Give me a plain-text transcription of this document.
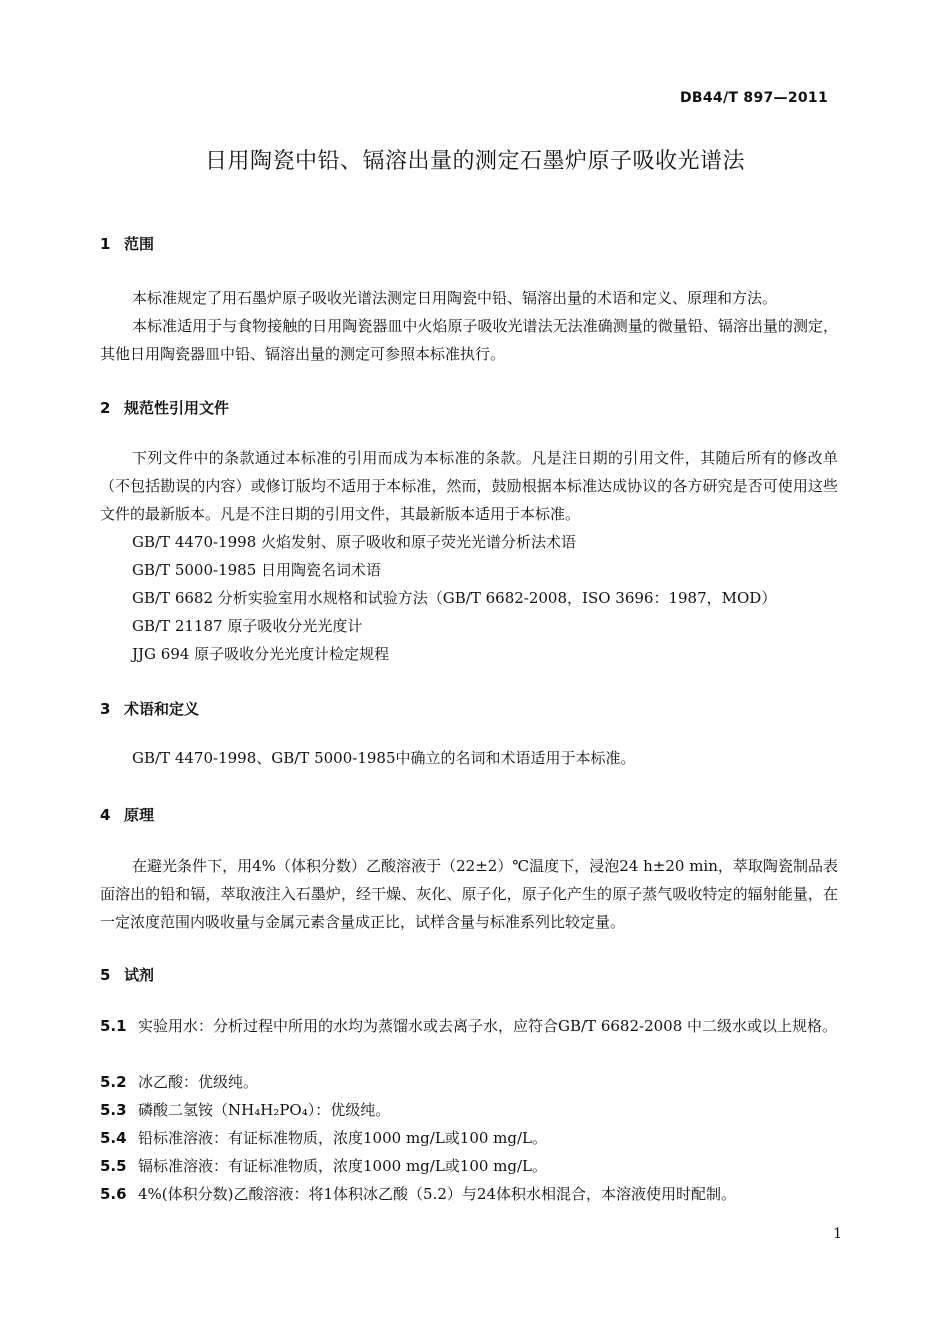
DB44/T 897—2011
日用陶瓷中铅、镉溶出量的测定石墨炉原子吸收光谱法
1 范围
本标准规定了用石墨炉原子吸收光谱法测定日用陶瓷中铅、镉溶出量的术语和定义、原理和方法。
本标准适用于与食物接触的日用陶瓷器皿中火焰原子吸收光谱法无法准确测量的微量铅、镉溶出量的测定，其他日用陶瓷器皿中铅、镉溶出量的测定可参照本标准执行。
2 规范性引用文件
下列文件中的条款通过本标准的引用而成为本标准的条款。凡是注日期的引用文件，其随后所有的修改单（不包括勘误的内容）或修订版均不适用于本标准，然而，鼓励根据本标准达成协议的各方研究是否可使用这些文件的最新版本。凡是不注日期的引用文件，其最新版本适用于本标准。
GB/T 4470-1998 火焰发射、原子吸收和原子荧光光谱分析法术语
GB/T 5000-1985 日用陶瓷名词术语
GB/T 6682 分析实验室用水规格和试验方法（GB/T 6682-2008，ISO 3696：1987，MOD）
GB/T 21187 原子吸收分光光度计
JJG 694 原子吸收分光光度计检定规程
3 术语和定义
GB/T 4470-1998、GB/T 5000-1985中确立的名词和术语适用于本标准。
4 原理
在避光条件下，用4%（体积分数）乙酸溶液于（22±2）℃温度下，浸泡24 h±20 min，萃取陶瓷制品表面溶出的铅和镉，萃取液注入石墨炉，经干燥、灰化、原子化，原子化产生的原子蒸气吸收特定的辐射能量，在一定浓度范围内吸收量与金属元素含量成正比，试样含量与标准系列比较定量。
5 试剂
5.1 实验用水：分析过程中所用的水均为蒸馏水或去离子水，应符合GB/T 6682-2008 中二级水或以上规格。
5.2 冰乙酸：优级纯。
5.3 磷酸二氢铵（NH₄H₂PO₄）：优级纯。
5.4 铅标准溶液：有证标准物质，浓度1000 mg/L或100 mg/L。
5.5 镉标准溶液：有证标准物质，浓度1000 mg/L或100 mg/L。
5.6 4%(体积分数)乙酸溶液：将1体积冰乙酸（5.2）与24体积水相混合，本溶液使用时配制。
1
